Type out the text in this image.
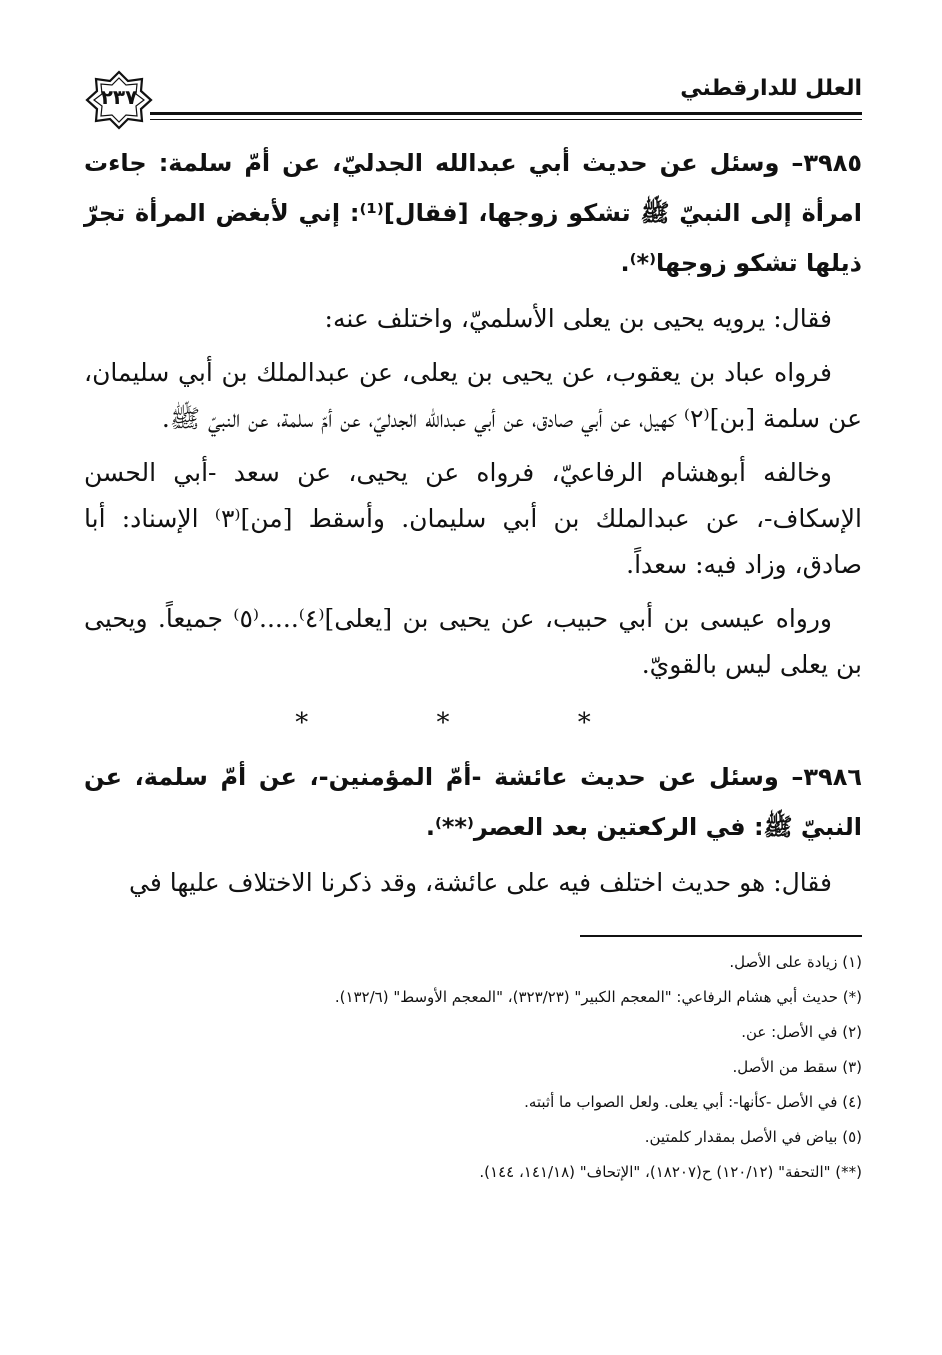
العلل للدارقطني
٢٣٧

٣٩٨٥– وسئل عن حديث أبي عبدالله الجدليّ، عن أمّ سلمة: جاءت امرأة إلى النبيّ ﷺ تشكو زوجها، [فقال]⁽¹⁾: إني لأبغض المرأة تجرّ ذيلها تشكو زوجها⁽*⁾.

فقال: يرويه يحيى بن يعلى الأسلميّ، واختلف عنه:

فرواه عباد بن يعقوب، عن يحيى بن يعلى، عن عبدالملك بن أبي سليمان، عن سلمة [بن]⁽٢⁾ كهيل، عن أبي صادق، عن أبي عبدالله الجدليّ، عن أمّ سلمة، عن النبيّ ﷺ.

وخالفه أبوهشام الرفاعيّ، فرواه عن يحيى، عن سعد -أبي الحسن الإسكاف-، عن عبدالملك بن أبي سليمان. وأسقط [من]⁽٣⁾ الإسناد: أبا صادق، وزاد فيه: سعداً.

ورواه عيسى بن أبي حبيب، عن يحيى بن [يعلى]⁽٤⁾.....⁽٥⁾ جميعاً. ويحيى بن يعلى ليس بالقويّ.

* * *

٣٩٨٦– وسئل عن حديث عائشة -أمّ المؤمنين-، عن أمّ سلمة، عن النبيّ ﷺ: في الركعتين بعد العصر⁽**⁾.

فقال: هو حديث اختلف فيه على عائشة، وقد ذكرنا الاختلاف عليها في

(١) زيادة على الأصل.
(*) حديث أبي هشام الرفاعي: "المعجم الكبير" (٣٢٣/٢٣)، "المعجم الأوسط" (١٣٢/٦).
(٢) في الأصل: عن.
(٣) سقط من الأصل.
(٤) في الأصل -كأنها-: أبي يعلى. ولعل الصواب ما أثبته.
(٥) بياض في الأصل بمقدار كلمتين.
(**) "التحفة" (١٢٠/١٢) ح(١٨٢٠٧)، "الإتحاف" (١٤١/١٨، ١٤٤).
